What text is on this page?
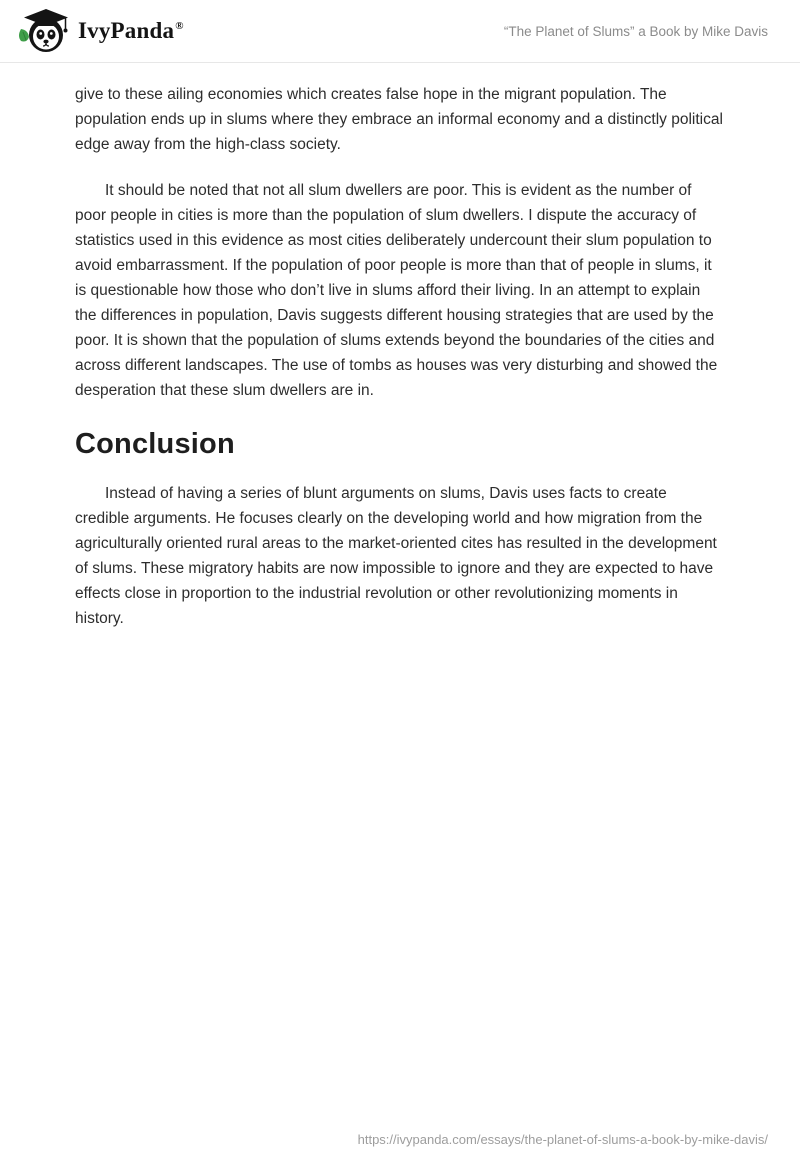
IvyPanda®	“The Planet of Slums” a Book by Mike Davis

give to these ailing economies which creates false hope in the migrant population. The population ends up in slums where they embrace an informal economy and a distinctly political edge away from the high-class society.

It should be noted that not all slum dwellers are poor. This is evident as the number of poor people in cities is more than the population of slum dwellers. I dispute the accuracy of statistics used in this evidence as most cities deliberately undercount their slum population to avoid embarrassment. If the population of poor people is more than that of people in slums, it is questionable how those who don’t live in slums afford their living. In an attempt to explain the differences in population, Davis suggests different housing strategies that are used by the poor. It is shown that the population of slums extends beyond the boundaries of the cities and across different landscapes. The use of tombs as houses was very disturbing and showed the desperation that these slum dwellers are in.

Conclusion

Instead of having a series of blunt arguments on slums, Davis uses facts to create credible arguments. He focuses clearly on the developing world and how migration from the agriculturally oriented rural areas to the market-oriented cites has resulted in the development of slums. These migratory habits are now impossible to ignore and they are expected to have effects close in proportion to the industrial revolution or other revolutionizing moments in history.

https://ivypanda.com/essays/the-planet-of-slums-a-book-by-mike-davis/
